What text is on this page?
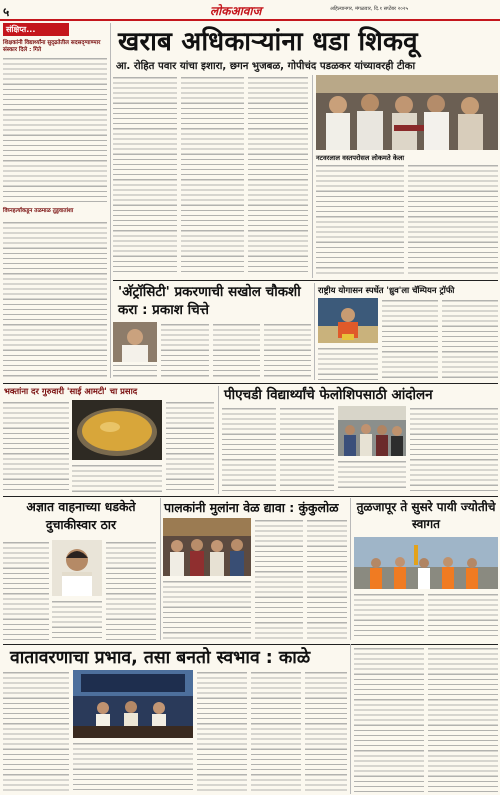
५	लोकआवाज	अहिल्यानगर, मंगळवार, दि.१ सप्टेंबर २०२५
संक्षिप्त...
शिक्षकांनी विद्यार्थ्यांना सुदृढतेतील सदसद्ग्याण्मार संस्कार दिले : गिते
विघ्नहर्त्याकडून तळमाळ तुडुवातांशा
खराब अधिकाऱ्यांना धडा शिकवू
आ. रोहित पवार यांचा इशारा, छगन भुजबळ, गोपीचंद पडळकर यांच्यावरही टीका
नटवरलाल वस्तपरोसल लोकमते केला
'अ‍ॅट्रॉसिटी' प्रकरणाची सखोल चौकशी करा : प्रकाश चित्ते
राष्ट्रीय योगासन स्पर्धेत 'ध्रुव'ला चॅम्पियन ट्रॉफी
भक्तांना दर गुरुवारी 'साई आमटी' चा प्रसाद	पीएचडी विद्यार्थ्यांचे फेलोशिपसाठी आंदोलन
अज्ञात वाहनाच्या धडकेते दुचाकीस्वार ठार
पालकांनी मुलांना वेळ द्यावा : कुंकुलोळ तुळजापूर ते सुसरे पायी ज्योतीचे स्वागत
वातावरणाचा प्रभाव, तसा बनतो स्वभाव : काळे
